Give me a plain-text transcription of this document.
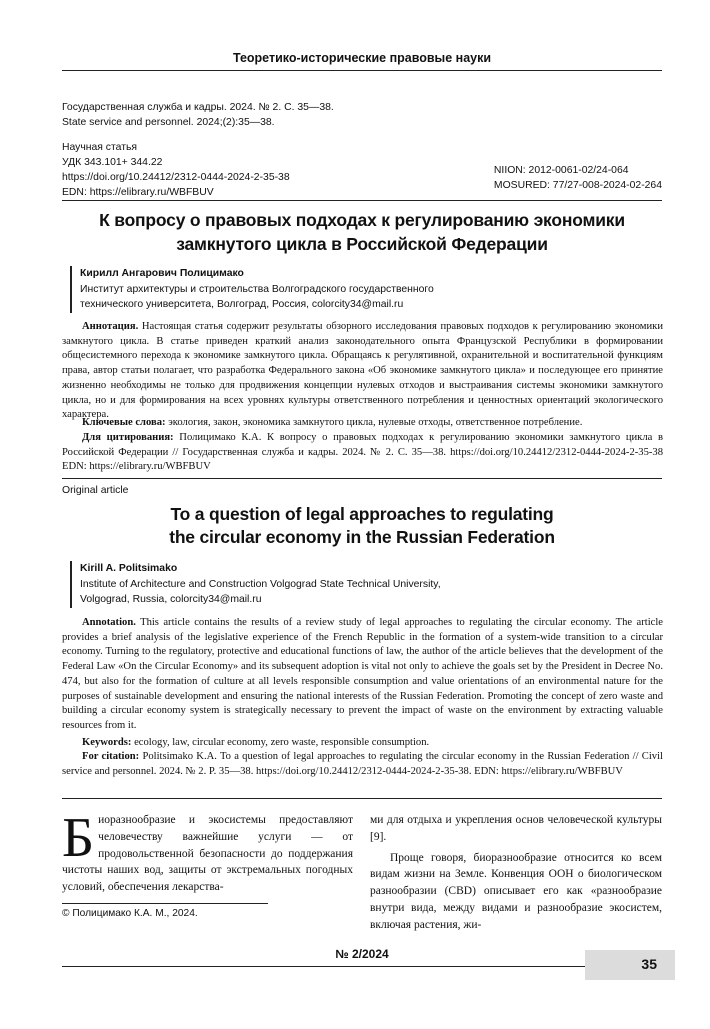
Теоретико-исторические правовые науки
Государственная служба и кадры. 2024. № 2. С. 35—38.
State service and personnel. 2024;(2):35—38.
Научная статья
УДК 343.101+ 344.22
https://doi.org/10.24412/2312-0444-2024-2-35-38
EDN: https://elibrary.ru/WBFBUV
NIION: 2012-0061-02/24-064
MOSURED: 77/27-008-2024-02-264
К вопросу о правовых подходах к регулированию экономики
замкнутого цикла в Российской Федерации
Кирилл Ангарович Полицимако
Институт архитектуры и строительства Волгоградского государственного
технического университета, Волгоград, Россия, colorcity34@mail.ru
Аннотация. Настоящая статья содержит результаты обзорного исследования правовых подходов к регулированию экономики замкнутого цикла. В статье приведен краткий анализ законодательного опыта Французской Республики в формировании общесистемного перехода к экономике замкнутого цикла. Обращаясь к регулятивной, охранительной и воспитательной функциям права, автор статьи полагает, что разработка Федерального закона «Об экономике замкнутого цикла» и последующее его принятие жизненно необходимы не только для продвижения концепции нулевых отходов и выстраивания системы экономики замкнутого цикла, но и для формирования на всех уровнях культуры ответственного потребления и ценностных ориентаций экологического характера.
Ключевые слова: экология, закон, экономика замкнутого цикла, нулевые отходы, ответственное потребление.
Для цитирования: Полицимако К.А. К вопросу о правовых подходах к регулированию экономики замкнутого цикла в Российской Федерации // Государственная служба и кадры. 2024. № 2. С. 35—38. https://doi.org/10.24412/2312-0444-2024-2-35-38 EDN: https://elibrary.ru/WBFBUV
Original article
To a question of legal approaches to regulating
the circular economy in the Russian Federation
Kirill A. Politsimako
Institute of Architecture and Construction Volgograd State Technical University,
Volgograd, Russia, colorcity34@mail.ru
Annotation. This article contains the results of a review study of legal approaches to regulating the circular economy. The article provides a brief analysis of the legislative experience of the French Republic in the formation of a system-wide transition to a circular economy. Turning to the regulatory, protective and educational functions of law, the author of the article believes that the development of the Federal Law «On the Circular Economy» and its subsequent adoption is vital not only to achieve the goals set by the President in Decree No. 474, but also for the formation of culture at all levels responsible consumption and value orientations of an environmental nature for the purposes of sustainable development and ensuring the national interests of the Russian Federation. Promoting the concept of zero waste and building a circular economy system is strategically necessary to prevent the impact of waste on the environment by extracting valuable resources from it.
Keywords: ecology, law, circular economy, zero waste, responsible consumption.
For citation: Politsimako K.A. To a question of legal approaches to regulating the circular economy in the Russian Federation // Civil service and personnel. 2024. № 2. P. 35—38. https://doi.org/10.24412/2312-0444-2024-2-35-38. EDN: https://elibrary.ru/WBFBUV
Б иоразнообразие и экосистемы предоставляют человечеству важнейшие услуги — от продовольственной безопасности до поддержания чистоты наших вод, защиты от экстремальных погодных условий, обеспечения лекарства-
ми для отдыха и укрепления основ человеческой культуры [9].
Проще говоря, биоразнообразие относится ко всем видам жизни на Земле. Конвенция ООН о биологическом разнообразии (CBD) описывает его как «разнообразие внутри вида, между видами и разнообразие экосистем, включая растения, жи-
© Полицимако К.А. М., 2024.
№ 2/2024
35
